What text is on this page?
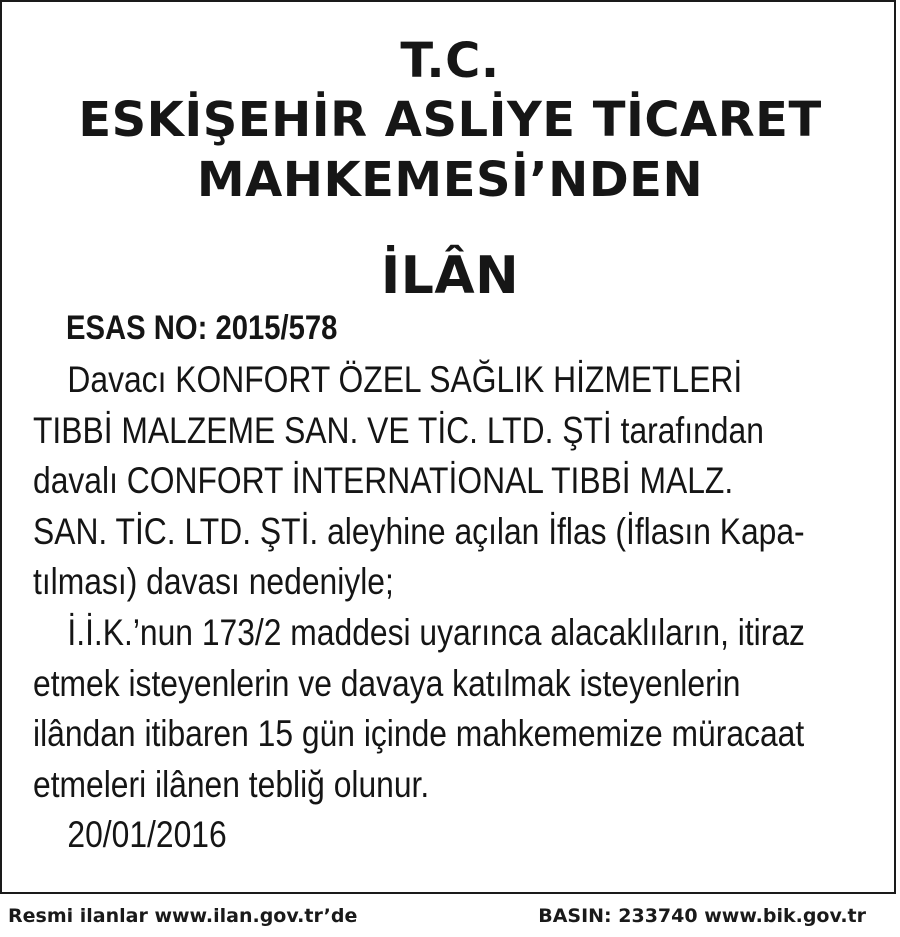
T.C.
ESKİŞEHİR ASLİYE TİCARET
MAHKEMESİ’NDEN
İLÂN
ESAS NO: 2015/578
Davacı KONFORT ÖZEL SAĞLIK HİZMETLERİ
TIBBİ MALZEME SAN. VE TİC. LTD. ŞTİ tarafından
davalı CONFORT İNTERNATİONAL TIBBİ MALZ.
SAN. TİC. LTD. ŞTİ. aleyhine açılan İflas (İflasın Kapa-
tılması) davası nedeniyle;
İ.İ.K.’nun 173/2 maddesi uyarınca alacaklıların, itiraz
etmek isteyenlerin ve davaya katılmak isteyenlerin
ilândan itibaren 15 gün içinde mahkememize müracaat
etmeleri ilânen tebliğ olunur.
20/01/2016
Resmi ilanlar www.ilan.gov.tr’de	BASIN: 233740 www.bik.gov.tr
